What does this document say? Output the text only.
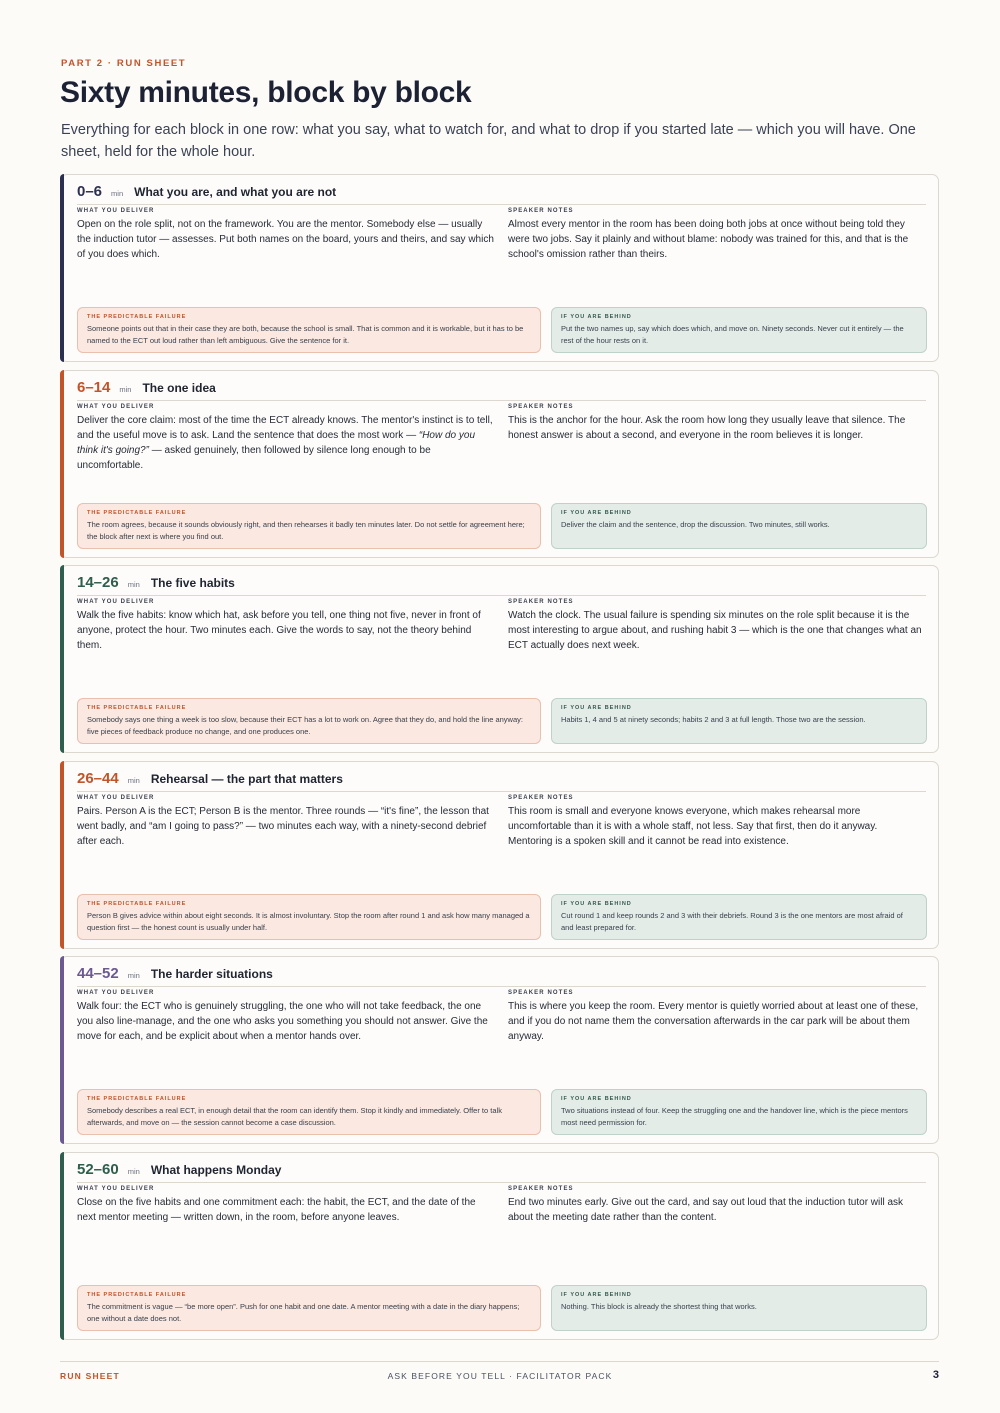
PART 2 · RUN SHEET
Sixty minutes, block by block

Everything for each block in one row: what you say, what to watch for, and what to drop if you started late — which you will have. One sheet, held for the whole hour.

0–6 min What you are, and what you are not
WHAT YOU DELIVER
Open on the role split, not on the framework. You are the mentor. Somebody else — usually the induction tutor — assesses. Put both names on the board, yours and theirs, and say which of you does which.
SPEAKER NOTES
Almost every mentor in the room has been doing both jobs at once without being told they were two jobs. Say it plainly and without blame: nobody was trained for this, and that is the school's omission rather than theirs.
THE PREDICTABLE FAILURE
Someone points out that in their case they are both, because the school is small. That is common and it is workable, but it has to be named to the ECT out loud rather than left ambiguous. Give the sentence for it.
IF YOU ARE BEHIND
Put the two names up, say which does which, and move on. Ninety seconds. Never cut it entirely — the rest of the hour rests on it.
6–14 min The one idea
WHAT YOU DELIVER
Deliver the core claim: most of the time the ECT already knows. The mentor's instinct is to tell, and the useful move is to ask. Land the sentence that does the most work — “How do you think it's going?” — asked genuinely, then followed by silence long enough to be uncomfortable.
SPEAKER NOTES
This is the anchor for the hour. Ask the room how long they usually leave that silence. The honest answer is about a second, and everyone in the room believes it is longer.
THE PREDICTABLE FAILURE
The room agrees, because it sounds obviously right, and then rehearses it badly ten minutes later. Do not settle for agreement here; the block after next is where you find out.
IF YOU ARE BEHIND
Deliver the claim and the sentence, drop the discussion. Two minutes, still works.
14–26 min The five habits
WHAT YOU DELIVER
Walk the five habits: know which hat, ask before you tell, one thing not five, never in front of anyone, protect the hour. Two minutes each. Give the words to say, not the theory behind them.
SPEAKER NOTES
Watch the clock. The usual failure is spending six minutes on the role split because it is the most interesting to argue about, and rushing habit 3 — which is the one that changes what an ECT actually does next week.
THE PREDICTABLE FAILURE
Somebody says one thing a week is too slow, because their ECT has a lot to work on. Agree that they do, and hold the line anyway: five pieces of feedback produce no change, and one produces one.
IF YOU ARE BEHIND
Habits 1, 4 and 5 at ninety seconds; habits 2 and 3 at full length. Those two are the session.
26–44 min Rehearsal — the part that matters
WHAT YOU DELIVER
Pairs. Person A is the ECT; Person B is the mentor. Three rounds — “it's fine”, the lesson that went badly, and “am I going to pass?” — two minutes each way, with a ninety-second debrief after each.
SPEAKER NOTES
This room is small and everyone knows everyone, which makes rehearsal more uncomfortable than it is with a whole staff, not less. Say that first, then do it anyway. Mentoring is a spoken skill and it cannot be read into existence.
THE PREDICTABLE FAILURE
Person B gives advice within about eight seconds. It is almost involuntary. Stop the room after round 1 and ask how many managed a question first — the honest count is usually under half.
IF YOU ARE BEHIND
Cut round 1 and keep rounds 2 and 3 with their debriefs. Round 3 is the one mentors are most afraid of and least prepared for.
44–52 min The harder situations
WHAT YOU DELIVER
Walk four: the ECT who is genuinely struggling, the one who will not take feedback, the one you also line-manage, and the one who asks you something you should not answer. Give the move for each, and be explicit about when a mentor hands over.
SPEAKER NOTES
This is where you keep the room. Every mentor is quietly worried about at least one of these, and if you do not name them the conversation afterwards in the car park will be about them anyway.
THE PREDICTABLE FAILURE
Somebody describes a real ECT, in enough detail that the room can identify them. Stop it kindly and immediately. Offer to talk afterwards, and move on — the session cannot become a case discussion.
IF YOU ARE BEHIND
Two situations instead of four. Keep the struggling one and the handover line, which is the piece mentors most need permission for.
52–60 min What happens Monday
WHAT YOU DELIVER
Close on the five habits and one commitment each: the habit, the ECT, and the date of the next mentor meeting — written down, in the room, before anyone leaves.
SPEAKER NOTES
End two minutes early. Give out the card, and say out loud that the induction tutor will ask about the meeting date rather than the content.
THE PREDICTABLE FAILURE
The commitment is vague — “be more open”. Push for one habit and one date. A mentor meeting with a date in the diary happens; one without a date does not.
IF YOU ARE BEHIND
Nothing. This block is already the shortest thing that works.
RUN SHEET	ASK BEFORE YOU TELL · FACILITATOR PACK	3
